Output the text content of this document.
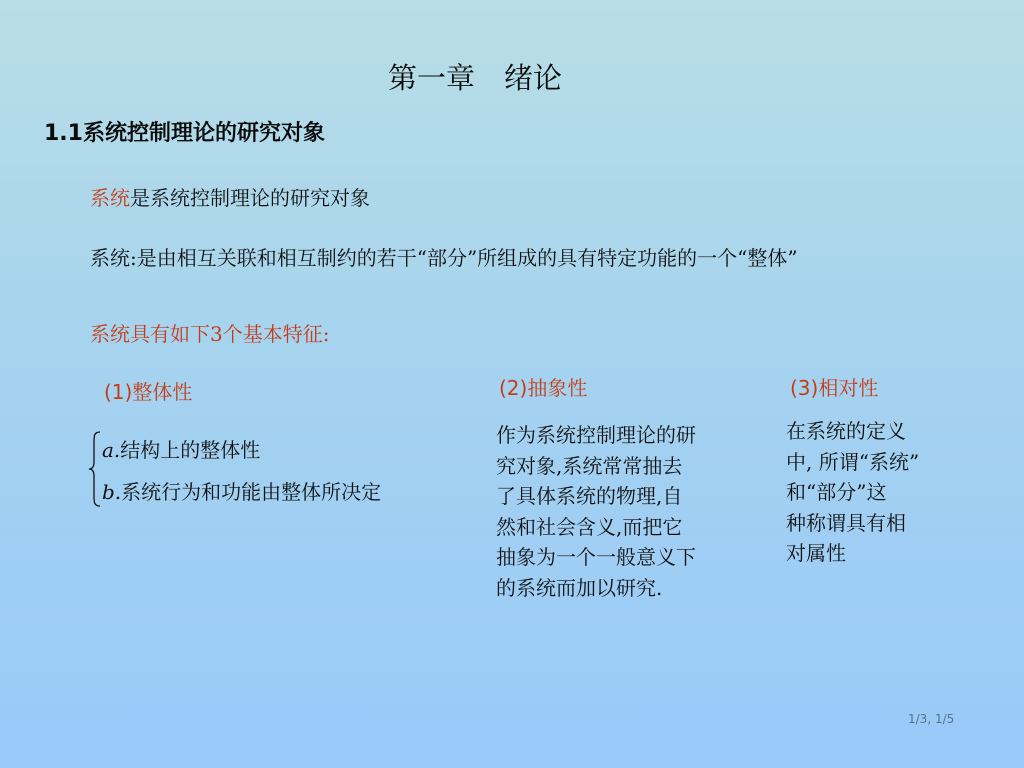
第一章　绪论
1.1系统控制理论的研究对象
系统是系统控制理论的研究对象
系统:是由相互关联和相互制约的若干“部分”所组成的具有特定功能的一个“整体”
系统具有如下3个基本特征:
(1)整体性	(2)抽象性	(3)相对性
a.结构上的整体性
b.系统行为和功能由整体所决定
作为系统控制理论的研
究对象,系统常常抽去
了具体系统的物理,自
然和社会含义,而把它
抽象为一个一般意义下
的系统而加以研究.
在系统的定义
中, 所谓“系统”
和“部分”这
种称谓具有相
对属性
1/3, 1/5
